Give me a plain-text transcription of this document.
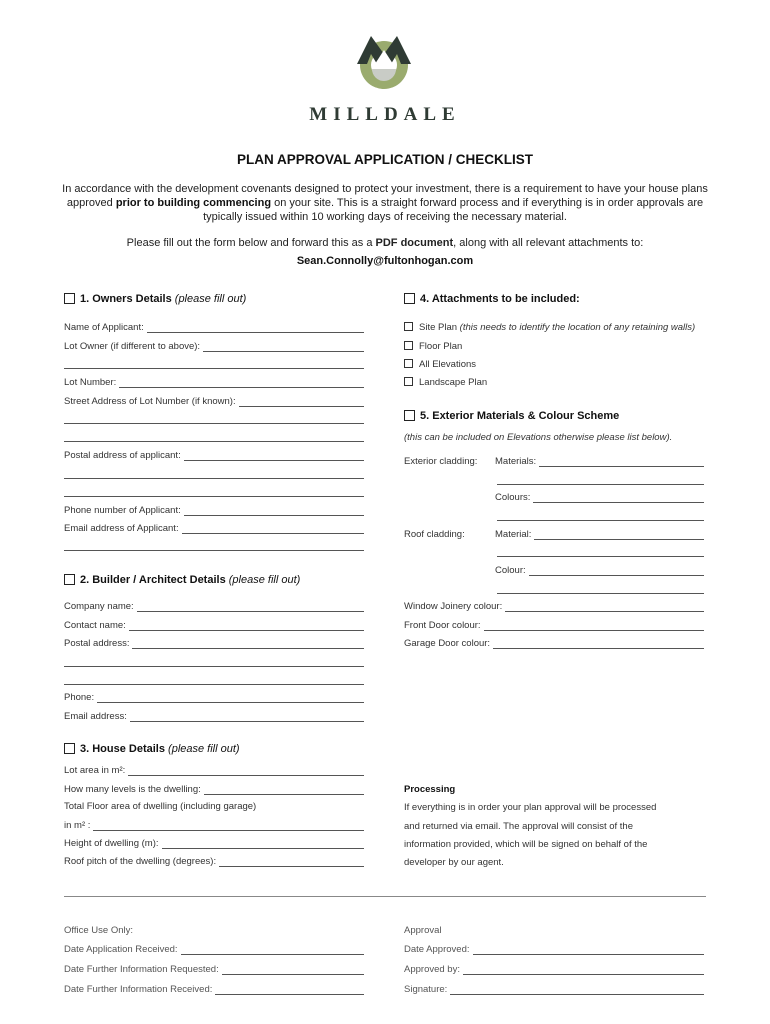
MILLDALE
PLAN APPROVAL APPLICATION / CHECKLIST
In accordance with the development covenants designed to protect your investment, there is a requirement to have your house plans approved prior to building commencing on your site. This is a straight forward process and if everything is in order approvals are typically issued within 10 working days of receiving the necessary material.
Please fill out the form below and forward this as a PDF document, along with all relevant attachments to:
Sean.Connolly@fultonhogan.com
1. Owners Details (please fill out)
Name of Applicant:
Lot Owner (if different to above):
Lot Number:
Street Address of Lot Number (if known):
Postal address of applicant:
Phone number of Applicant:
Email address of Applicant:
2. Builder / Architect Details (please fill out)
Company name:
Contact name:
Postal address:
Phone:
Email address:
3. House Details (please fill out)
Lot area in m²:
How many levels is the dwelling:
Total Floor area of dwelling (including garage)
in m² :
Height of dwelling (m):
Roof pitch of the dwelling (degrees):
4. Attachments to be included:
Site Plan (this needs to identify the location of any retaining walls)
Floor Plan
All Elevations
Landscape Plan
5. Exterior Materials & Colour Scheme
(this can be included on Elevations otherwise please list below).
Exterior cladding: Materials:
Colours:
Roof cladding:	Material:
Colour:
Window Joinery colour:
Front Door colour:
Garage Door colour:
Processing
If everything is in order your plan approval will be processed
and returned via email. The approval will consist of the
information provided, which will be signed on behalf of the
developer by our agent.
Office Use Only:
Date Application Received:
Date Further Information Requested:
Date Further Information Received:
Approval
Date Approved:
Approved by:
Signature:
